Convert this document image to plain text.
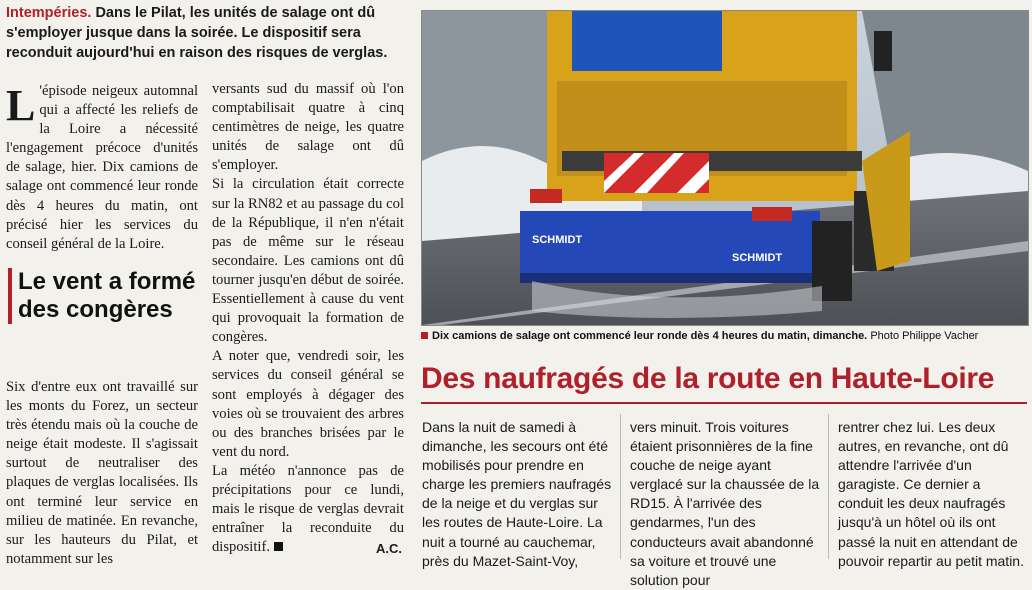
Intempéries. Dans le Pilat, les unités de salage ont dû s'employer jusque dans la soirée. Le dispositif sera reconduit aujourd'hui en raison des risques de verglas.
L 'épisode neigeux automnal qui a affecté les reliefs de la Loire a nécessité l'engagement précoce d'unités de salage, hier. Dix camions de salage ont commencé leur ronde dès 4 heures du matin, ont précisé hier les services du conseil général de la Loire.
Le vent a formé des congères
Six d'entre eux ont travaillé sur les monts du Forez, un secteur très étendu mais où la couche de neige était modeste. Il s'agissait surtout de neutraliser des plaques de verglas localisées. Ils ont terminé leur service en milieu de matinée. En revanche, sur les hauteurs du Pilat, et notamment sur les
versants sud du massif où l'on comptabilisait quatre à cinq centimètres de neige, les quatre unités de salage ont dû s'employer.
Si la circulation était correcte sur la RN82 et au passage du col de la République, il n'en n'était pas de même sur le réseau secondaire. Les camions ont dû tourner jusqu'en début de soirée. Essentiellement à cause du vent qui provoquait la formation de congères.
A noter que, vendredi soir, les services du conseil général se sont employés à dégager des voies où se trouvaient des arbres ou des branches brisées par le vent du nord.
La météo n'annonce pas de précipitations pour ce lundi, mais le risque de verglas devrait entraîner la reconduite du dispositif.	A.C.
SCHMIDT
SCHMIDT
Dix camions de salage ont commencé leur ronde dès 4 heures du matin, dimanche. Photo Philippe Vacher
Des naufragés de la route en Haute-Loire
Dans la nuit de samedi à dimanche, les secours ont été mobilisés pour prendre en charge les premiers naufragés de la neige et du verglas sur les routes de Haute-Loire. La nuit a tourné au cauchemar, près du Mazet-Saint-Voy,
vers minuit. Trois voitures étaient prisonnières de la fine couche de neige ayant verglacé sur la chaussée de la RD15. À l'arrivée des gendarmes, l'un des conducteurs avait abandonné sa voiture et trouvé une solution pour
rentrer chez lui. Les deux autres, en revanche, ont dû attendre l'arrivée d'un garagiste. Ce dernier a conduit les deux naufragés jusqu'à un hôtel où ils ont passé la nuit en attendant de pouvoir repartir au petit matin.
